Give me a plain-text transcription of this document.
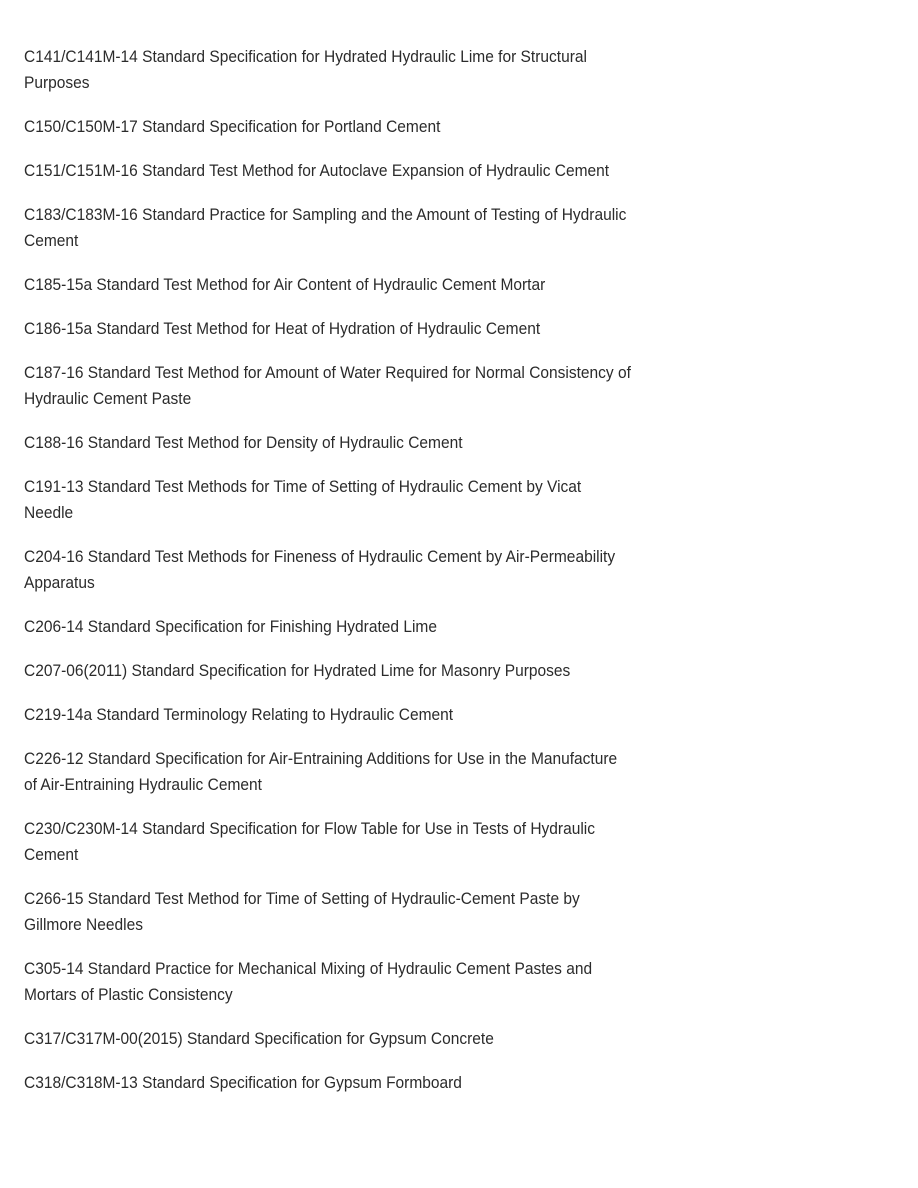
C141/C141M-14 Standard Specification for Hydrated Hydraulic Lime for Structural Purposes

C150/C150M-17 Standard Specification for Portland Cement

C151/C151M-16 Standard Test Method for Autoclave Expansion of Hydraulic Cement

C183/C183M-16 Standard Practice for Sampling and the Amount of Testing of Hydraulic Cement

C185-15a Standard Test Method for Air Content of Hydraulic Cement Mortar

C186-15a Standard Test Method for Heat of Hydration of Hydraulic Cement

C187-16 Standard Test Method for Amount of Water Required for Normal Consistency of Hydraulic Cement Paste

C188-16 Standard Test Method for Density of Hydraulic Cement

C191-13 Standard Test Methods for Time of Setting of Hydraulic Cement by Vicat Needle

C204-16 Standard Test Methods for Fineness of Hydraulic Cement by Air-Permeability Apparatus

C206-14 Standard Specification for Finishing Hydrated Lime

C207-06(2011) Standard Specification for Hydrated Lime for Masonry Purposes

C219-14a Standard Terminology Relating to Hydraulic Cement

C226-12 Standard Specification for Air-Entraining Additions for Use in the Manufacture of Air-Entraining Hydraulic Cement

C230/C230M-14 Standard Specification for Flow Table for Use in Tests of Hydraulic Cement

C266-15 Standard Test Method for Time of Setting of Hydraulic-Cement Paste by Gillmore Needles

C305-14 Standard Practice for Mechanical Mixing of Hydraulic Cement Pastes and Mortars of Plastic Consistency

C317/C317M-00(2015) Standard Specification for Gypsum Concrete

C318/C318M-13 Standard Specification for Gypsum Formboard
